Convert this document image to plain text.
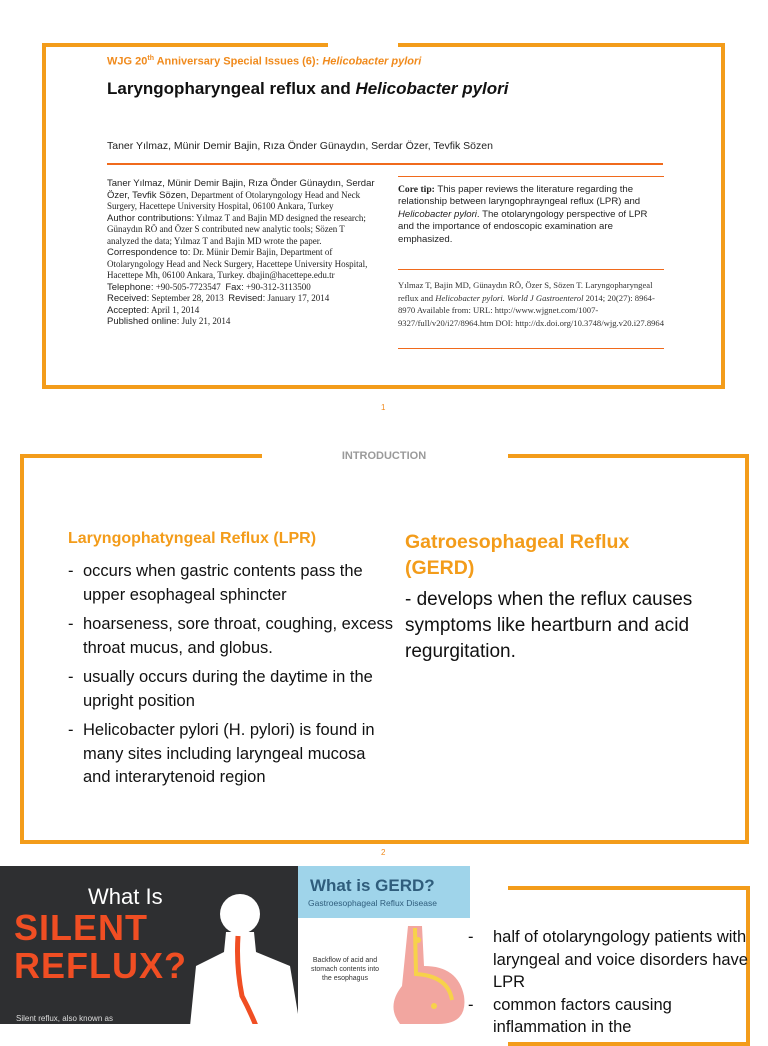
WJG 20th Anniversary Special Issues (6): Helicobacter pylori
Laryngopharyngeal reflux and Helicobacter pylori
Taner Yılmaz, Münir Demir Bajin, Rıza Önder Günaydın, Serdar Özer, Tevfik Sözen

Taner Yılmaz, Münir Demir Bajin, Rıza Önder Günaydın, Serdar Özer, Tevfik Sözen, Department of Otolaryngology Head and Neck Surgery, Hacettepe University Hospital, 06100 Ankara, Turkey

Author contributions: Yılmaz T and Bajin MD designed the research; Günaydın RÖ and Özer S contributed new analytic tools; Sözen T analyzed the data; Yılmaz T and Bajin MD wrote the paper.

Correspondence to: Dr. Münir Demir Bajin, Department of Otolaryngology Head and Neck Surgery, Hacettepe University Hospital, Hacettepe Mh, 06100 Ankara, Turkey. dbajin@hacettepe.edu.tr

Telephone: +90-505-7723547 Fax: +90-312-3113500

Received: September 28, 2013 Revised: January 17, 2014

Accepted: April 1, 2014

Published online: July 21, 2014

Core tip: This paper reviews the literature regarding the relationship between laryngophrayngeal reflux (LPR) and Helicobacter pylori. The otolaryngology perspective of LPR and the importance of endoscopic examination are emphasized.
Yılmaz T, Bajin MD, Günaydın RÖ, Özer S, Sözen T. Laryngopharyngeal reflux and Helicobacter pylori. World J Gastroenterol 2014; 20(27): 8964-8970 Available from: URL: http://www.wjgnet.com/1007-9327/full/v20/i27/8964.htm DOI: http://dx.doi.org/10.3748/wjg.v20.i27.8964
1
INTRODUCTION
Laryngophatyngeal Reflux (LPR)
- occurs when gastric contents pass the upper esophageal sphincter
- hoarseness, sore throat, coughing, excess throat mucus, and globus.
- usually occurs during the daytime in the upright position
- Helicobacter pylori (H. pylori) is found in many sites including laryngeal mucosa and interarytenoid region
Gatroesophageal Reflux (GERD)
- develops when the reflux causes symptoms like heartburn and acid regurgitation.
2
What Is
SILENT
REFLUX?
Silent reflux, also known as
What is GERD?
Gastroesophageal Reflux Disease
Backflow of acid and stomach contents into the esophagus
- half of otolaryngology patients with laryngeal and voice disorders have LPR
- common factors causing inflammation in the
